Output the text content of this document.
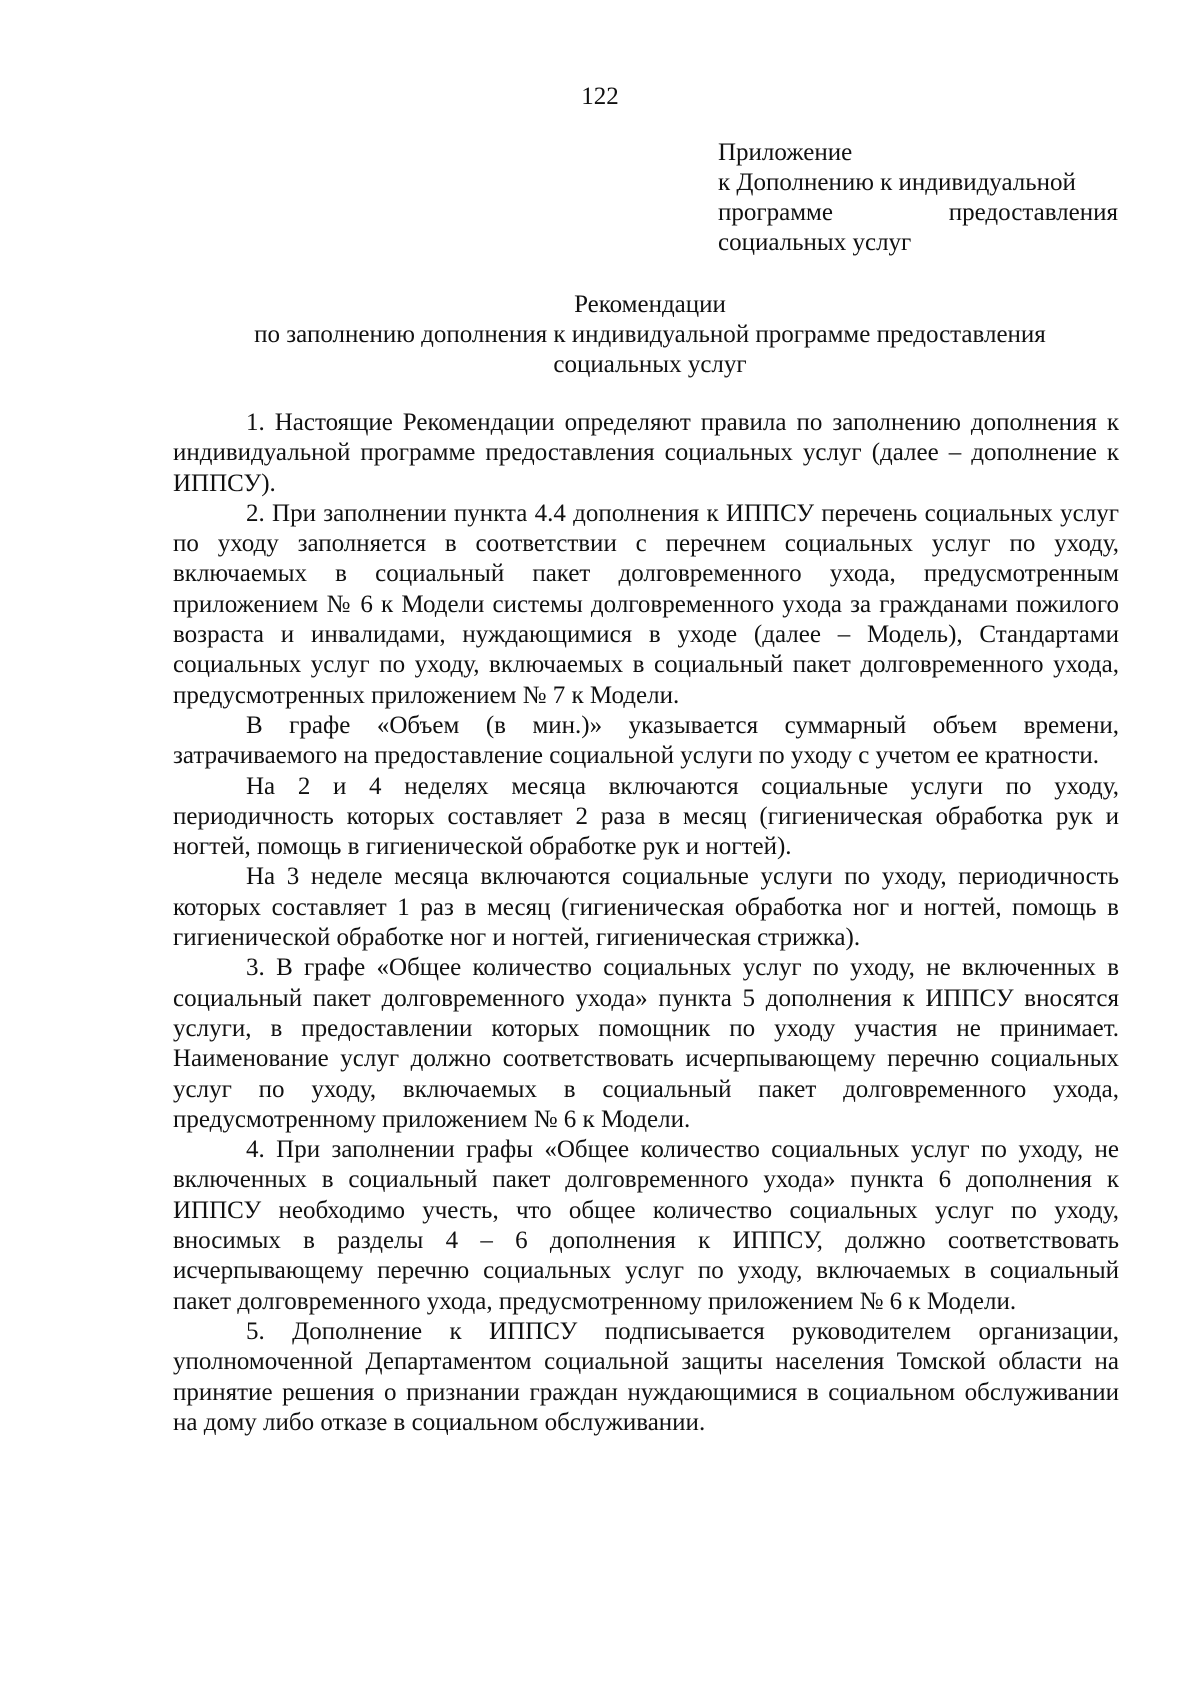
122
Приложение
к Дополнению к индивидуальной
программе	предоставления
социальных услуг
Рекомендации
по заполнению дополнения к индивидуальной программе предоставления
социальных услуг

1. Настоящие Рекомендации определяют правила по заполнению дополнения к индивидуальной программе предоставления социальных услуг (далее – дополнение к ИППСУ).

2. При заполнении пункта 4.4 дополнения к ИППСУ перечень социальных услуг по уходу заполняется в соответствии с перечнем социальных услуг по уходу, включаемых в социальный пакет долговременного ухода, предусмотренным приложением № 6 к Модели системы долговременного ухода за гражданами пожилого возраста и инвалидами, нуждающимися в уходе (далее – Модель), Стандартами социальных услуг по уходу, включаемых в социальный пакет долговременного ухода, предусмотренных приложением № 7 к Модели.

В графе «Объем (в мин.)» указывается суммарный объем времени, затрачиваемого на предоставление социальной услуги по уходу с учетом ее кратности.

На 2 и 4 неделях месяца включаются социальные услуги по уходу, периодичность которых составляет 2 раза в месяц (гигиеническая обработка рук и ногтей, помощь в гигиенической обработке рук и ногтей).

На 3 неделе месяца включаются социальные услуги по уходу, периодичность которых составляет 1 раз в месяц (гигиеническая обработка ног и ногтей, помощь в гигиенической обработке ног и ногтей, гигиеническая стрижка).

3. В графе «Общее количество социальных услуг по уходу, не включенных в социальный пакет долговременного ухода» пункта 5 дополнения к ИППСУ вносятся услуги, в предоставлении которых помощник по уходу участия не принимает. Наименование услуг должно соответствовать исчерпывающему перечню социальных услуг по уходу, включаемых в социальный пакет долговременного ухода, предусмотренному приложением № 6 к Модели.

4. При заполнении графы «Общее количество социальных услуг по уходу, не включенных в социальный пакет долговременного ухода» пункта 6 дополнения к ИППСУ необходимо учесть, что общее количество социальных услуг по уходу, вносимых в разделы 4 – 6 дополнения к ИППСУ, должно соответствовать исчерпывающему перечню социальных услуг по уходу, включаемых в социальный пакет долговременного ухода, предусмотренному приложением № 6 к Модели.

5. Дополнение к ИППСУ подписывается руководителем организации, уполномоченной Департаментом социальной защиты населения Томской области на принятие решения о признании граждан нуждающимися в социальном обслуживании на дому либо отказе в социальном обслуживании.
